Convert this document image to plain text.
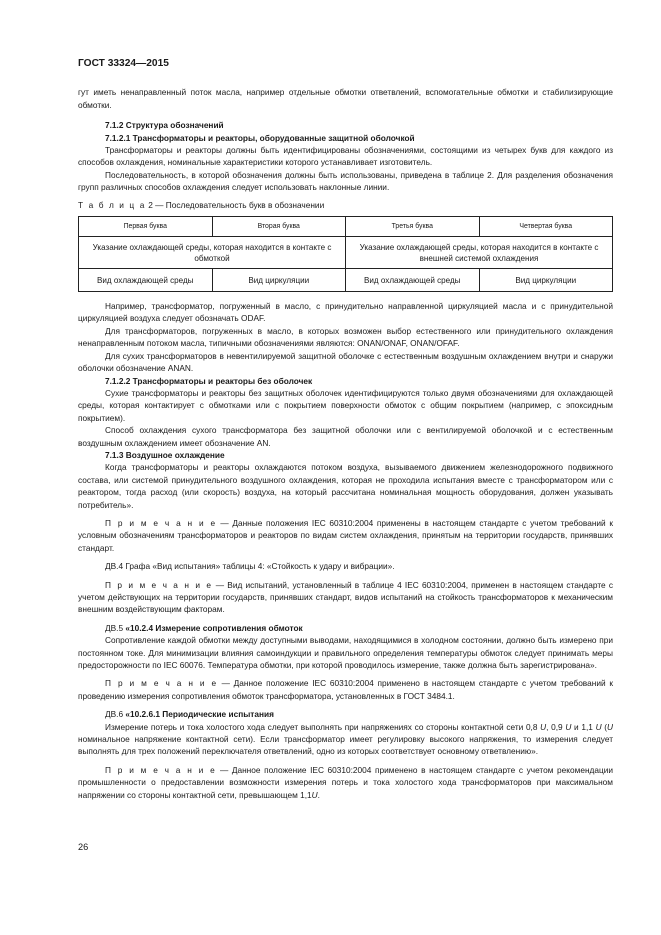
ГОСТ 33324—2015

гут иметь ненаправленный поток масла, например отдельные обмотки ответвлений, вспомогательные обмотки и стабилизирующие обмотки.

7.1.2 Структура обозначений

7.1.2.1 Трансформаторы и реакторы, оборудованные защитной оболочкой

Трансформаторы и реакторы должны быть идентифицированы обозначениями, состоящими из четырех букв для каждого из способов охлаждения, номинальные характеристики которого устанавливает изготовитель.

Последовательность, в которой обозначения должны быть использованы, приведена в таблице 2. Для разделения обозначения групп различных способов охлаждения следует использовать наклонные линии.

Т а б л и ц а 2 — Последовательность букв в обозначении
Первая буква	Вторая буква	Третья буква	Четвертая буква
Указание охлаждающей среды, которая находится в контакте с обмоткой		Указание охлаждающей среды, которая находится в контакте с внешней системой охлаждения	
Вид охлаждающей среды	Вид циркуляции	Вид охлаждающей среды	Вид циркуляции

Например, трансформатор, погруженный в масло, с принудительно направленной циркуляцией масла и с принудительной циркуляцией воздуха следует обозначать ODAF.

Для трансформаторов, погруженных в масло, в которых возможен выбор естественного или принудительного охлаждения ненаправленным потоком масла, типичными обозначениями являются: ONAN/ONAF, ONAN/OFAF.

Для сухих трансформаторов в невентилируемой защитной оболочке с естественным воздушным охлаждением внутри и снаружи оболочки обозначение ANAN.

7.1.2.2 Трансформаторы и реакторы без оболочек

Сухие трансформаторы и реакторы без защитных оболочек идентифицируются только двумя обозначениями для охлаждающей среды, которая контактирует с обмотками или с покрытием поверхности обмоток с общим покрытием (например, с эпоксидным покрытием).

Способ охлаждения сухого трансформатора без защитной оболочки или с вентилируемой оболочкой и с естественным воздушным охлаждением имеет обозначение AN.

7.1.3 Воздушное охлаждение

Когда трансформаторы и реакторы охлаждаются потоком воздуха, вызываемого движением железнодорожного подвижного состава, или системой принудительного воздушного охлаждения, которая не проходила испытания вместе с трансформатором или с реактором, тогда расход (или скорость) воздуха, на который рассчитана номинальная мощность оборудования, должен указывать потребитель».

П р и м е ч а н и е — Данные положения IEC 60310:2004 применены в настоящем стандарте с учетом требований к условным обозначениям трансформаторов и реакторов по видам систем охлаждения, принятым на территории государств, принявших стандарт.

ДВ.4 Графа «Вид испытания» таблицы 4: «Стойкость к удару и вибрации».

П р и м е ч а н и е — Вид испытаний, установленный в таблице 4 IEC 60310:2004, применен в настоящем стандарте с учетом действующих на территории государств, принявших стандарт, видов испытаний на стойкость трансформаторов к механическим внешним воздействующим факторам.

ДВ.5 «10.2.4 Измерение сопротивления обмоток

Сопротивление каждой обмотки между доступными выводами, находящимися в холодном состоянии, должно быть измерено при постоянном токе. Для минимизации влияния самоиндукции и правильного определения температуры обмоток следует принимать меры предосторожности по IEC 60076. Температура обмотки, при которой проводилось измерение, также должна быть зарегистрирована».

П р и м е ч а н и е — Данное положение IEC 60310:2004 применено в настоящем стандарте с учетом требований к проведению измерения сопротивления обмоток трансформатора, установленных в ГОСТ 3484.1.

ДВ.6 «10.2.6.1 Периодические испытания

Измерение потерь и тока холостого хода следует выполнять при напряжениях со стороны контактной сети 0,8 U, 0,9 U и 1,1 U (U номинальное напряжение контактной сети). Если трансформатор имеет регулировку высокого напряжения, то измерения следует выполнять для трех положений переключателя ответвлений, одно из которых соответствует основному ответвлению».

П р и м е ч а н и е — Данное положение IEC 60310:2004 применено в настоящем стандарте с учетом рекомендации промышленности о предоставлении возможности измерения потерь и тока холостого хода трансформаторов при максимальном напряжении со стороны контактной сети, превышающем 1,1U.

26
